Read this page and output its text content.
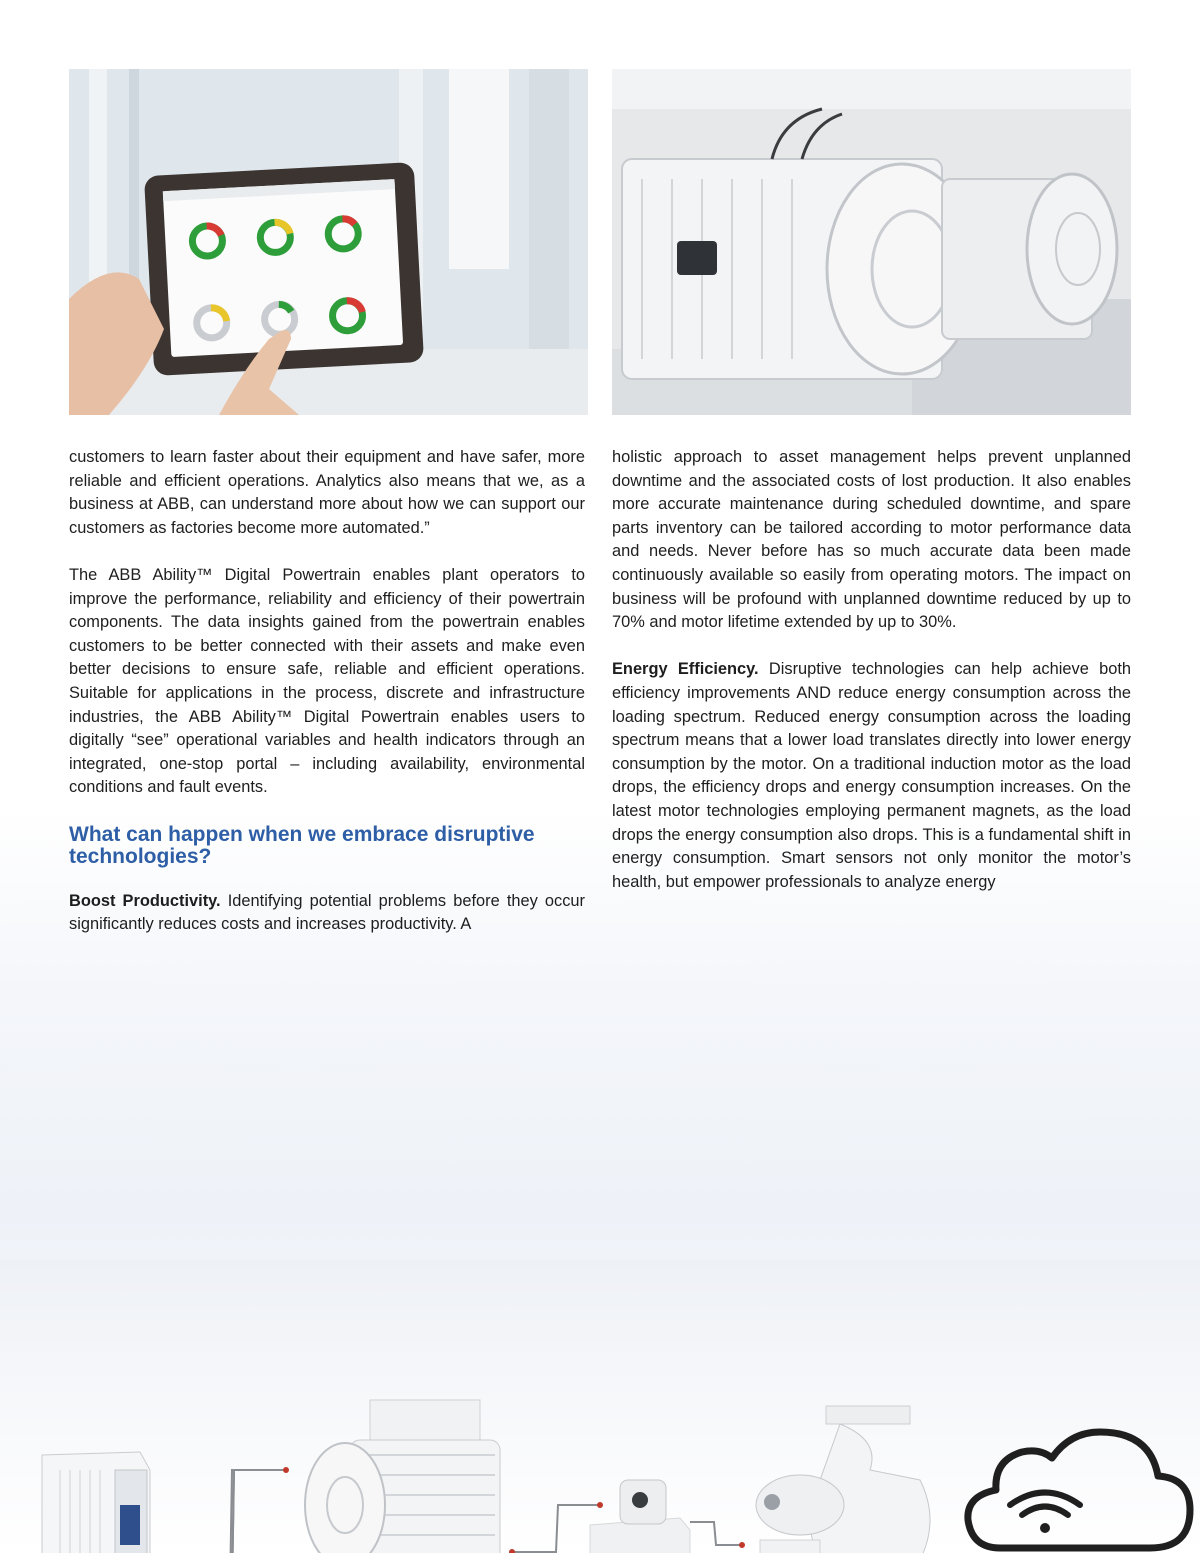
customers to learn faster about their equipment and have safer, more reliable and efficient operations. Analytics also means that we, as a business at ABB, can understand more about how we can support our customers as factories become more automated.”

The ABB Ability™ Digital Powertrain enables plant operators to improve the performance, reliability and efficiency of their powertrain components. The data insights gained from the powertrain enables customers to be better connected with their assets and make even better decisions to ensure safe, reliable and efficient operations. Suitable for applications in the process, discrete and infrastructure industries, the ABB Ability™ Digital Powertrain enables users to digitally “see” operational variables and health indicators through an integrated, one-stop portal – including availability, environmental conditions and fault events.

What can happen when we embrace disruptive technologies?

Boost Productivity. Identifying potential problems before they occur significantly reduces costs and increases productivity. A

holistic approach to asset management helps prevent unplanned downtime and the associated costs of lost production. It also enables more accurate maintenance during scheduled downtime, and spare parts inventory can be tailored according to motor performance data and needs. Never before has so much accurate data been made continuously available so easily from operating motors. The impact on business will be profound with unplanned downtime reduced by up to 70% and motor lifetime extended by up to 30%.

Energy Efficiency. Disruptive technologies can help achieve both efficiency improvements AND reduce energy consumption across the loading spectrum. Reduced energy consumption across the loading spectrum means that a lower load translates directly into lower energy consumption by the motor. On a traditional induction motor as the load drops, the efficiency drops and energy consumption increases. On the latest motor technologies employing permanent magnets, as the load drops the energy consumption also drops. This is a fundamental shift in energy consumption. Smart sensors not only monitor the motor’s health, but empower professionals to analyze energy
